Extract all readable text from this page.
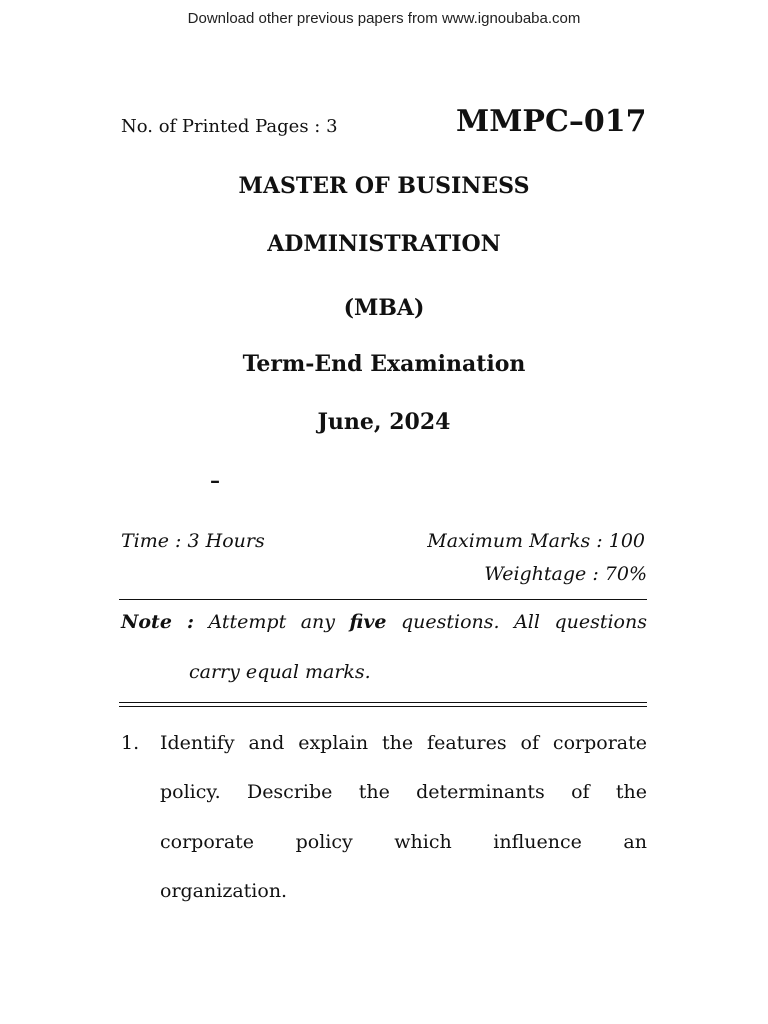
Download other previous papers from www.ignoubaba.com
No. of Printed Pages : 3	MMPC–017
MASTER OF BUSINESS
ADMINISTRATION
(MBA)
Term-End Examination
June, 2024
–
Time : 3 Hours	Maximum Marks : 100
Weightage : 70%
Note : Attempt any five questions. All questions
carry equal marks.
1. Identify and explain the features of corporate
policy. Describe the determinants of the
corporate policy which influence an
organization.
